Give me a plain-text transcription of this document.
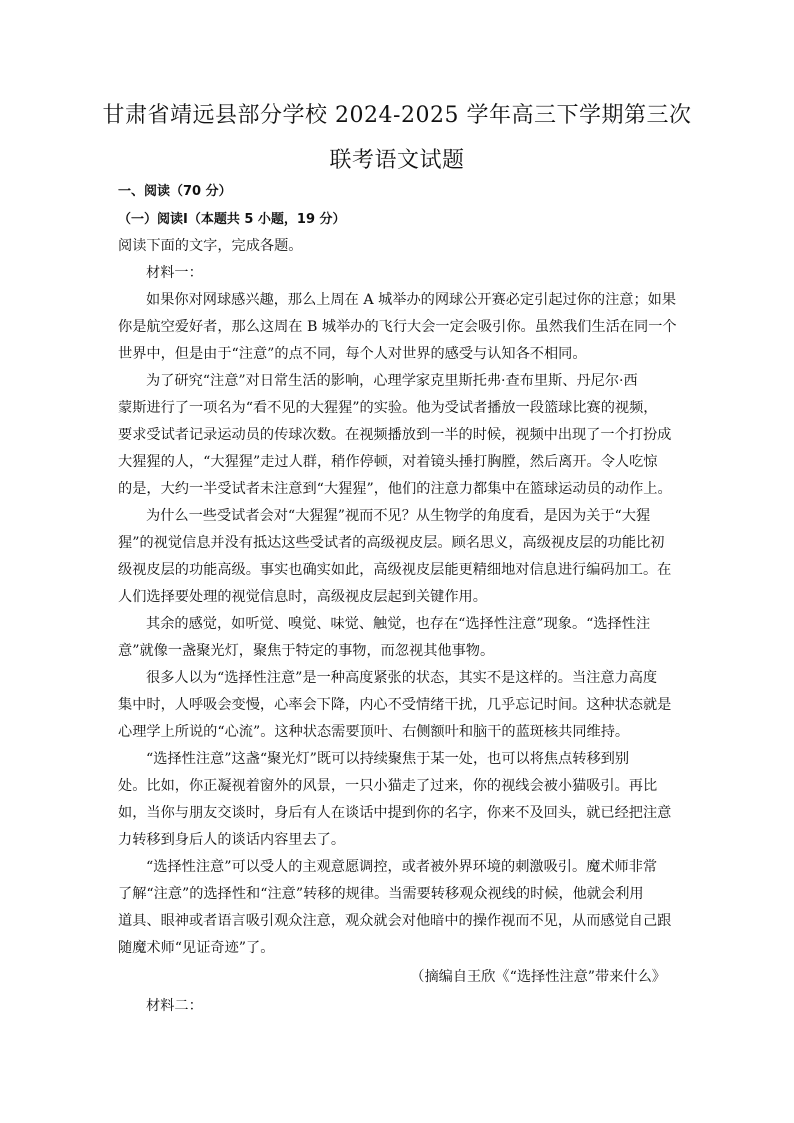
甘肃省靖远县部分学校 2024-2025 学年高三下学期第三次
联考语文试题
一、阅读（70 分）
（一）阅读Ⅰ（本题共 5 小题，19 分）
阅读下面的文字，完成各题。
材料一：
如果你对网球感兴趣，那么上周在 A 城举办的网球公开赛必定引起过你的注意；如果
你是航空爱好者，那么这周在 B 城举办的飞行大会一定会吸引你。虽然我们生活在同一个
世界中，但是由于“注意”的点不同，每个人对世界的感受与认知各不相同。
为了研究“注意”对日常生活的影响，心理学家克里斯托弗·查布里斯、丹尼尔·西
蒙斯进行了一项名为“看不见的大猩猩”的实验。他为受试者播放一段篮球比赛的视频，
要求受试者记录运动员的传球次数。在视频播放到一半的时候，视频中出现了一个打扮成
大猩猩的人，“大猩猩”走过人群，稍作停顿，对着镜头捶打胸膛，然后离开。令人吃惊
的是，大约一半受试者未注意到“大猩猩”，他们的注意力都集中在篮球运动员的动作上。
为什么一些受试者会对“大猩猩”视而不见？从生物学的角度看，是因为关于“大猩
猩”的视觉信息并没有抵达这些受试者的高级视皮层。顾名思义，高级视皮层的功能比初
级视皮层的功能高级。事实也确实如此，高级视皮层能更精细地对信息进行编码加工。在
人们选择要处理的视觉信息时，高级视皮层起到关键作用。
其余的感觉，如听觉、嗅觉、味觉、触觉，也存在“选择性注意”现象。“选择性注
意”就像一盏聚光灯，聚焦于特定的事物，而忽视其他事物。
很多人以为“选择性注意”是一种高度紧张的状态，其实不是这样的。当注意力高度
集中时，人呼吸会变慢，心率会下降，内心不受情绪干扰，几乎忘记时间。这种状态就是
心理学上所说的“心流”。这种状态需要顶叶、右侧额叶和脑干的蓝斑核共同维持。
“选择性注意”这盏“聚光灯”既可以持续聚焦于某一处，也可以将焦点转移到别
处。比如，你正凝视着窗外的风景，一只小猫走了过来，你的视线会被小猫吸引。再比
如，当你与朋友交谈时，身后有人在谈话中提到你的名字，你来不及回头，就已经把注意
力转移到身后人的谈话内容里去了。
“选择性注意”可以受人的主观意愿调控，或者被外界环境的刺激吸引。魔术师非常
了解“注意”的选择性和“注意”转移的规律。当需要转移观众视线的时候，他就会利用
道具、眼神或者语言吸引观众注意，观众就会对他暗中的操作视而不见，从而感觉自己跟
随魔术师“见证奇迹”了。
（摘编自王欣《“选择性注意”带来什么》
材料二：
